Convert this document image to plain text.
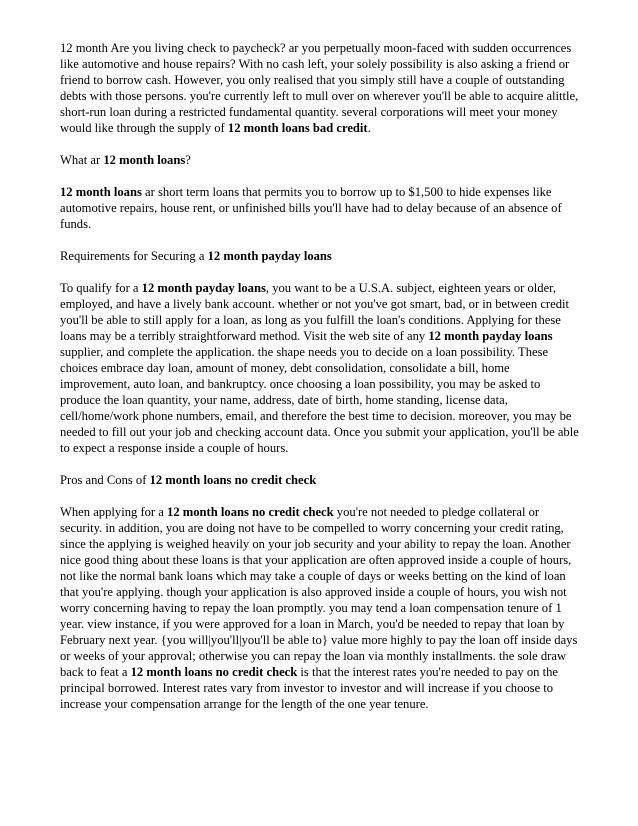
12 month Are you living check to paycheck? ar you perpetually moon-faced with sudden occurrences like automotive and house repairs? With no cash left, your solely possibility is also asking a friend or friend to borrow cash. However, you only realised that you simply still have a couple of outstanding debts with those persons. you're currently left to mull over on wherever you'll be able to acquire alittle, short-run loan during a restricted fundamental quantity. several corporations will meet your money would like through the supply of 12 month loans bad credit.

What ar 12 month loans?

12 month loans ar short term loans that permits you to borrow up to $1,500 to hide expenses like automotive repairs, house rent, or unfinished bills you'll have had to delay because of an absence of funds.

Requirements for Securing a 12 month payday loans

To qualify for a 12 month payday loans, you want to be a U.S.A. subject, eighteen years or older, employed, and have a lively bank account. whether or not you've got smart, bad, or in between credit you'll be able to still apply for a loan, as long as you fulfill the loan's conditions. Applying for these loans may be a terribly straightforward method. Visit the web site of any 12 month payday loans supplier, and complete the application. the shape needs you to decide on a loan possibility. These choices embrace day loan, amount of money, debt consolidation, consolidate a bill, home improvement, auto loan, and bankruptcy. once choosing a loan possibility, you may be asked to produce the loan quantity, your name, address, date of birth, home standing, license data, cell/home/work phone numbers, email, and therefore the best time to decision. moreover, you may be needed to fill out your job and checking account data. Once you submit your application, you'll be able to expect a response inside a couple of hours.

Pros and Cons of 12 month loans no credit check

When applying for a 12 month loans no credit check you're not needed to pledge collateral or security. in addition, you are doing not have to be compelled to worry concerning your credit rating, since the applying is weighed heavily on your job security and your ability to repay the loan. Another nice good thing about these loans is that your application are often approved inside a couple of hours, not like the normal bank loans which may take a couple of days or weeks betting on the kind of loan that you're applying. though your application is also approved inside a couple of hours, you wish not worry concerning having to repay the loan promptly. you may tend a loan compensation tenure of 1 year. view instance, if you were approved for a loan in March, you'd be needed to repay that loan by February next year. {you will|you'll|you'll be able to} value more highly to pay the loan off inside days or weeks of your approval; otherwise you can repay the loan via monthly installments. the sole draw back to feat a 12 month loans no credit check is that the interest rates you're needed to pay on the principal borrowed. Interest rates vary from investor to investor and will increase if you choose to increase your compensation arrange for the length of the one year tenure.
